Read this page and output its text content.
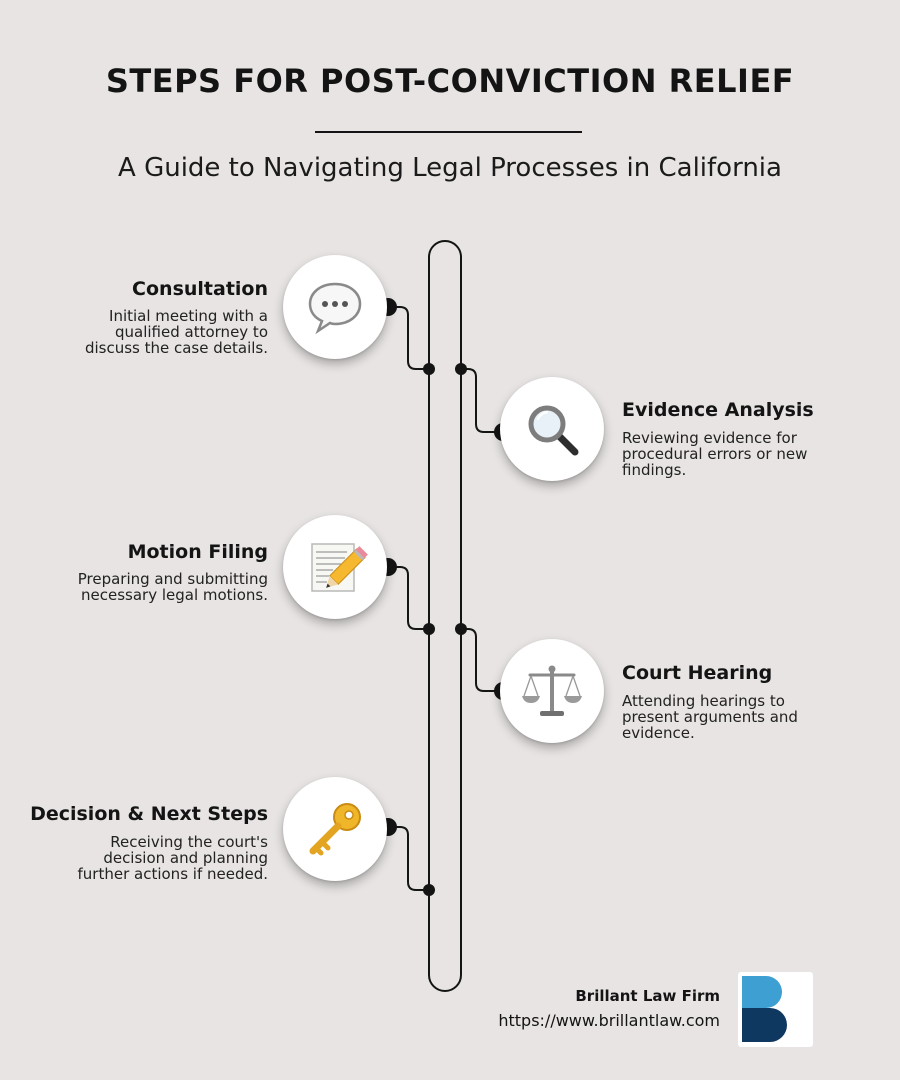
STEPS FOR POST-CONVICTION RELIEF
A Guide to Navigating Legal Processes in California
Consultation

Initial meeting with a qualified attorney to discuss the case details.

Evidence Analysis

Reviewing evidence for procedural errors or new findings.

Motion Filing

Preparing and submitting necessary legal motions.

Court Hearing

Attending hearings to present arguments and evidence.

Decision & Next Steps

Receiving the court's decision and planning further actions if needed.

Brillant Law Firm
https://www.brillantlaw.com
